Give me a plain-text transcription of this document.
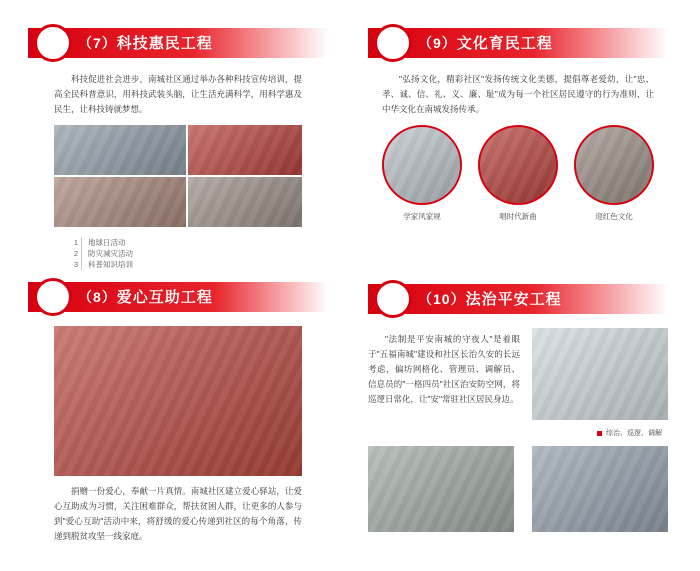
（7）科技惠民工程

科技促进社会进步，南城社区通过举办各种科技宣传培训，提高全民科普意识，用科技武装头脑，让生活充满科学，用科学惠及民生，让科技铸就梦想。

1
2
3
地球日活动
防灾减灾活动
科普知识培训
（8）爱心互助工程

捐赠一份爱心，奉献一片真情。南城社区建立爱心驿站，让爱心互助成为习惯，关注困难群众，帮扶贫困人群，让更多的人参与到"爱心互助"活动中来，将舒缓的爱心传递到社区的每个角落，传递到脱贫攻坚一线家庭。

（9）文化育民工程

"弘扬文化，精彩社区"发扬传统文化美德，提倡尊老爱幼，让"忠、孝、诚、信、礼、义、廉、耻"成为每一个社区居民遵守的行为准则，让中华文化在南城发扬传承。

学家风家规	唱时代新曲	迎红色文化
（10）法治平安工程
"法制是平安南城的守夜人"是着眼于"五福南城"建设和社区长治久安的长远考虑，偏坊网格化、管理员、调解员、信息员的"一格四员"社区治安防空网，将巡逻日常化，让"安"常驻社区居民身边。
综治、巡逻、调解
